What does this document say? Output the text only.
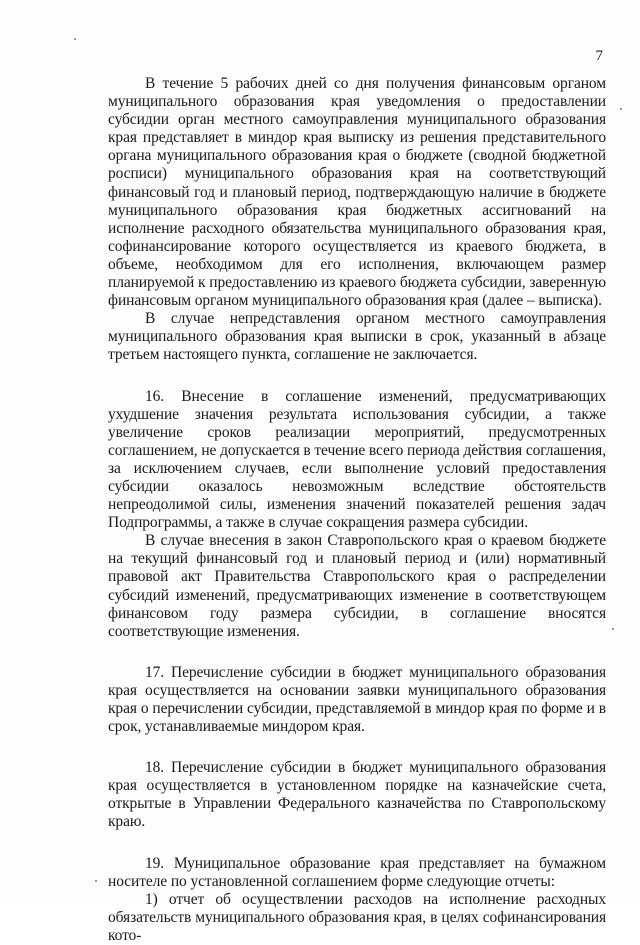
7

В течение 5 рабочих дней со дня получения финансовым органом муниципального образования края уведомления о предоставлении субсидии орган местного самоуправления муниципального образования края представляет в миндор края выписку из решения представительного органа муниципального образования края о бюджете (сводной бюджетной росписи) муниципального образования края на соответствующий финансовый год и плановый период, подтверждающую наличие в бюджете муниципального образования края бюджетных ассигнований на исполнение расходного обязательства муниципального образования края, софинансирование которого осуществляется из краевого бюджета, в объеме, необходимом для его исполнения, включающем размер планируемой к предоставлению из краевого бюджета субсидии, заверенную финансовым органом муниципального образования края (далее – выписка).

В случае непредставления органом местного самоуправления муниципального образования края выписки в срок, указанный в абзаце третьем настоящего пункта, соглашение не заключается.

16. Внесение в соглашение изменений, предусматривающих ухудшение значения результата использования субсидии, а также увеличение сроков реализации мероприятий, предусмотренных соглашением, не допускается в течение всего периода действия соглашения, за исключением случаев, если выполнение условий предоставления субсидии оказалось невозможным вследствие обстоятельств непреодолимой силы, изменения значений показателей решения задач Подпрограммы, а также в случае сокращения размера субсидии.

В случае внесения в закон Ставропольского края о краевом бюджете на текущий финансовый год и плановый период и (или) нормативный правовой акт Правительства Ставропольского края о распределении субсидий изменений, предусматривающих изменение в соответствующем финансовом году размера субсидии, в соглашение вносятся соответствующие изменения.

17. Перечисление субсидии в бюджет муниципального образования края осуществляется на основании заявки муниципального образования края о перечислении субсидии, представляемой в миндор края по форме и в срок, устанавливаемые миндором края.

18. Перечисление субсидии в бюджет муниципального образования края осуществляется в установленном порядке на казначейские счета, открытые в Управлении Федерального казначейства по Ставропольскому краю.

19. Муниципальное образование края представляет на бумажном носителе по установленной соглашением форме следующие отчеты:

1) отчет об осуществлении расходов на исполнение расходных обязательств муниципального образования края, в целях софинансирования кото-
